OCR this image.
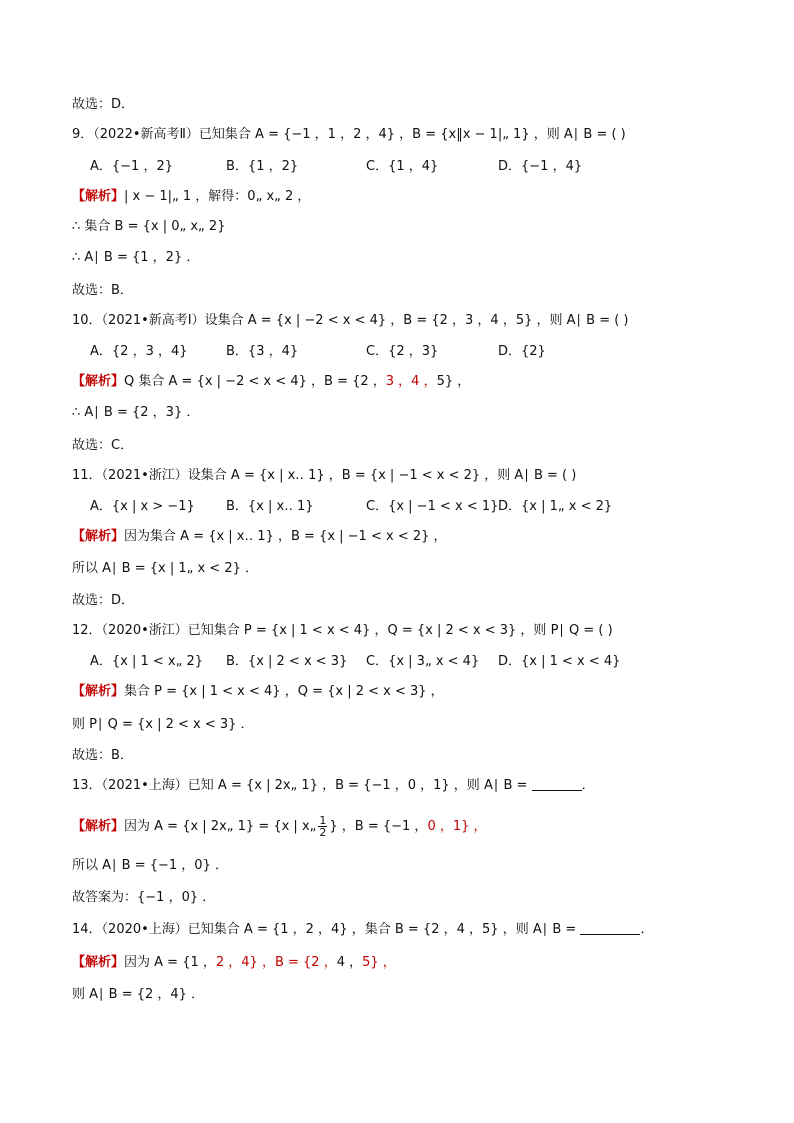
故选：D．
9．（2022•新高考Ⅱ）已知集合 A = {−1 ，1 ，2 ，4} ，B = {x‖x − 1|„ 1} ，则 A∣ B = ( )
A．{−1 ，2}	B．{1 ，2}	C．{1 ，4}	D．{−1 ，4}
【解析】| x − 1|„ 1 ，解得：0„ x„ 2 ，
∴ 集合 B = {x | 0„ x„ 2}
∴ A∣ B = {1 ，2} ．
故选：B．
10．（2021•新高考Ⅰ）设集合 A = {x | −2 < x < 4} ，B = {2 ，3 ，4 ，5} ，则 A∣ B = ( )
A．{2 ，3 ，4}	B．{3 ，4}	C．{2 ，3}	D．{2}
【解析】Q 集合 A = {x | −2 < x < 4} ，B = {2 ，3 ，4 ，5} ，
∴ A∣ B = {2 ，3} ．
故选：C．
11．（2021•浙江）设集合 A = {x | x‥ 1} ，B = {x | −1 < x < 2} ，则 A∣ B = ( )
A．{x | x > −1} B．{x | x‥ 1}	C．{x | −1 < x < 1} D．{x | 1„ x < 2}
【解析】因为集合 A = {x | x‥ 1} ，B = {x | −1 < x < 2} ，
所以 A∣ B = {x | 1„ x < 2} ．
故选：D．
12．（2020•浙江）已知集合 P = {x | 1 < x < 4} ，Q = {x | 2 < x < 3} ，则 P∣ Q = ( )
A．{x | 1 < x„ 2} B．{x | 2 < x < 3} C．{x | 3„ x < 4} D．{x | 1 < x < 4}
【解析】集合 P = {x | 1 < x < 4} ，Q = {x | 2 < x < 3} ，
则 P∣ Q = {x | 2 < x < 3} ．
故选：B．
13．（2021•上海）已知 A = {x | 2x„ 1} ，B = {−1 ，0 ，1} ，则 A∣ B =	．
【解析】因为 A = {x | 2x„ 1} = {x | x„ $\frac{1}{2}$ } ，B = {−1 ，0 ，1} ，
所以 A∣ B = {−1 ，0} ．
故答案为：{−1 ，0} ．
14．（2020•上海）已知集合 A = {1 ，2 ，4} ，集合 B = {2 ，4 ，5} ，则 A∣ B =	．
【解析】因为 A = {1 ，2 ，4} ，B = {2 ，4 ，5} ，
则 A∣ B = {2 ，4} ．
